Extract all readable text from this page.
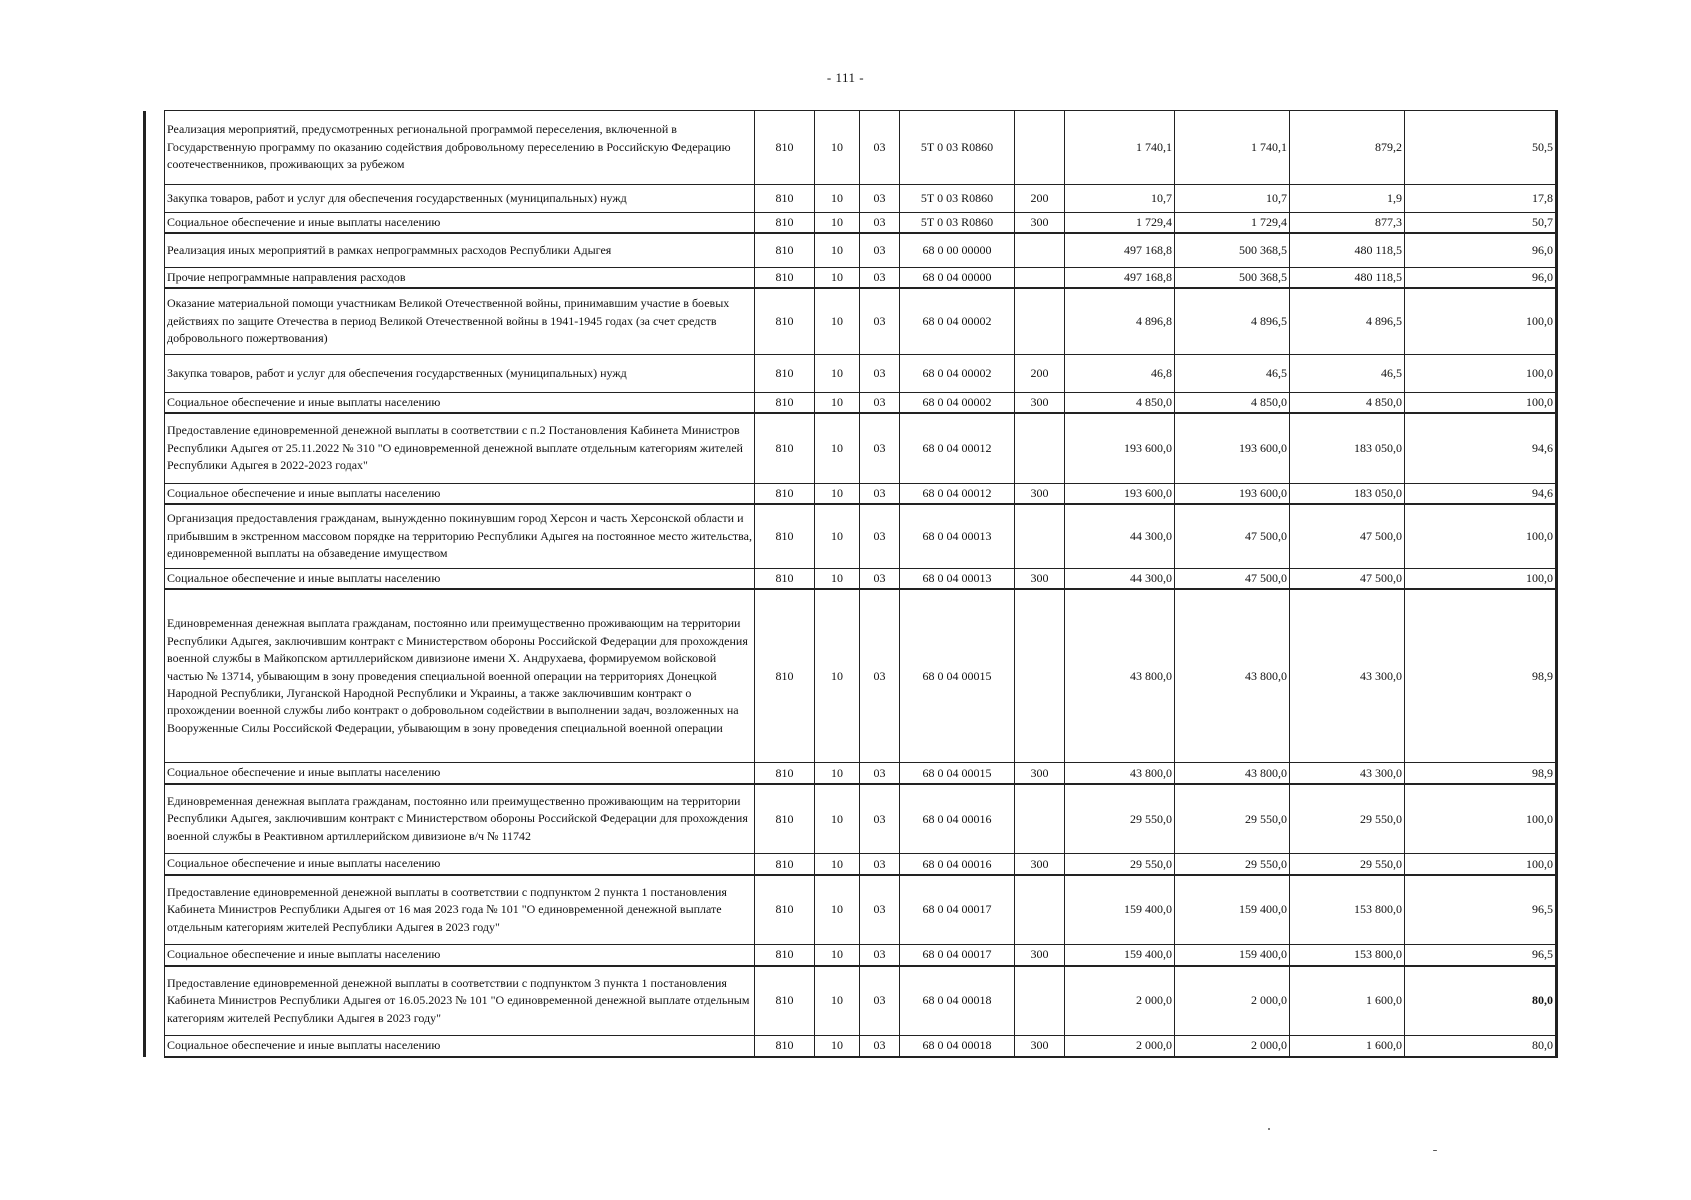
- 111 -
	Реализация мероприятий, предусмотренных региональной программой переселения, включенной в Государственную программу по оказанию содействия добровольному переселению в Российскую Федерацию соотечественников, проживающих за рубежом	810	10	03	5Т 0 03 R0860		1 740,1	1 740,1	879,2	50,5
	Закупка товаров, работ и услуг для обеспечения государственных (муниципальных) нужд	810	10	03	5Т 0 03 R0860	200	10,7	10,7	1,9	17,8
	Социальное обеспечение и иные выплаты населению	810	10	03	5Т 0 03 R0860	300	1 729,4	1 729,4	877,3	50,7
	Реализация иных мероприятий в рамках непрограммных расходов Республики Адыгея	810	10	03	68 0 00 00000		497 168,8	500 368,5	480 118,5	96,0
	Прочие непрограммные направления расходов	810	10	03	68 0 04 00000		497 168,8	500 368,5	480 118,5	96,0
	Оказание материальной помощи участникам Великой Отечественной войны, принимавшим участие в боевых действиях по защите Отечества в период Великой Отечественной войны в 1941-1945 годах (за счет средств добровольного пожертвования)	810	10	03	68 0 04 00002		4 896,8	4 896,5	4 896,5	100,0
	Закупка товаров, работ и услуг для обеспечения государственных (муниципальных) нужд	810	10	03	68 0 04 00002	200	46,8	46,5	46,5	100,0
	Социальное обеспечение и иные выплаты населению	810	10	03	68 0 04 00002	300	4 850,0	4 850,0	4 850,0	100,0
	Предоставление единовременной денежной выплаты в соответствии с п.2 Постановления Кабинета Министров Республики Адыгея от 25.11.2022 № 310 "О единовременной денежной выплате отдельным категориям жителей Республики Адыгея в 2022-2023 годах"	810	10	03	68 0 04 00012		193 600,0	193 600,0	183 050,0	94,6
	Социальное обеспечение и иные выплаты населению	810	10	03	68 0 04 00012	300	193 600,0	193 600,0	183 050,0	94,6
	Организация предоставления гражданам, вынужденно покинувшим город Херсон и часть Херсонской области и прибывшим в экстренном массовом порядке на территорию Республики Адыгея на постоянное место жительства, единовременной выплаты на обзаведение имуществом	810	10	03	68 0 04 00013		44 300,0	47 500,0	47 500,0	100,0
	Социальное обеспечение и иные выплаты населению	810	10	03	68 0 04 00013	300	44 300,0	47 500,0	47 500,0	100,0
	Единовременная денежная выплата гражданам, постоянно или преимущественно проживающим на территории Республики Адыгея, заключившим контракт с Министерством обороны Российской Федерации для прохождения военной службы в Майкопском артиллерийском дивизионе имени Х. Андрухаева, формируемом войсковой частью № 13714, убывающим в зону проведения специальной военной операции на территориях Донецкой Народной Республики, Луганской Народной Республики и Украины, а также заключившим контракт о прохождении военной службы либо контракт о добровольном содействии в выполнении задач, возложенных на Вооруженные Силы Российской Федерации, убывающим в зону проведения специальной военной операции	810	10	03	68 0 04 00015		43 800,0	43 800,0	43 300,0	98,9
	Социальное обеспечение и иные выплаты населению	810	10	03	68 0 04 00015	300	43 800,0	43 800,0	43 300,0	98,9
	Единовременная денежная выплата гражданам, постоянно или преимущественно проживающим на территории Республики Адыгея, заключившим контракт с Министерством обороны Российской Федерации для прохождения военной службы в Реактивном артиллерийском дивизионе в/ч № 11742	810	10	03	68 0 04 00016		29 550,0	29 550,0	29 550,0	100,0
	Социальное обеспечение и иные выплаты населению	810	10	03	68 0 04 00016	300	29 550,0	29 550,0	29 550,0	100,0
	Предоставление единовременной денежной выплаты в соответствии с подпунктом 2 пункта 1 постановления Кабинета Министров Республики Адыгея от 16 мая 2023 года № 101 "О единовременной денежной выплате отдельным категориям жителей Республики Адыгея в 2023 году"	810	10	03	68 0 04 00017		159 400,0	159 400,0	153 800,0	96,5
	Социальное обеспечение и иные выплаты населению	810	10	03	68 0 04 00017	300	159 400,0	159 400,0	153 800,0	96,5
	Предоставление единовременной денежной выплаты в соответствии с подпунктом 3 пункта 1 постановления Кабинета Министров Республики Адыгея от 16.05.2023 № 101 "О единовременной денежной выплате отдельным категориям жителей Республики Адыгея в 2023 году"	810	10	03	68 0 04 00018		2 000,0	2 000,0	1 600,0	80,0
	Социальное обеспечение и иные выплаты населению	810	10	03	68 0 04 00018	300	2 000,0	2 000,0	1 600,0	80,0
